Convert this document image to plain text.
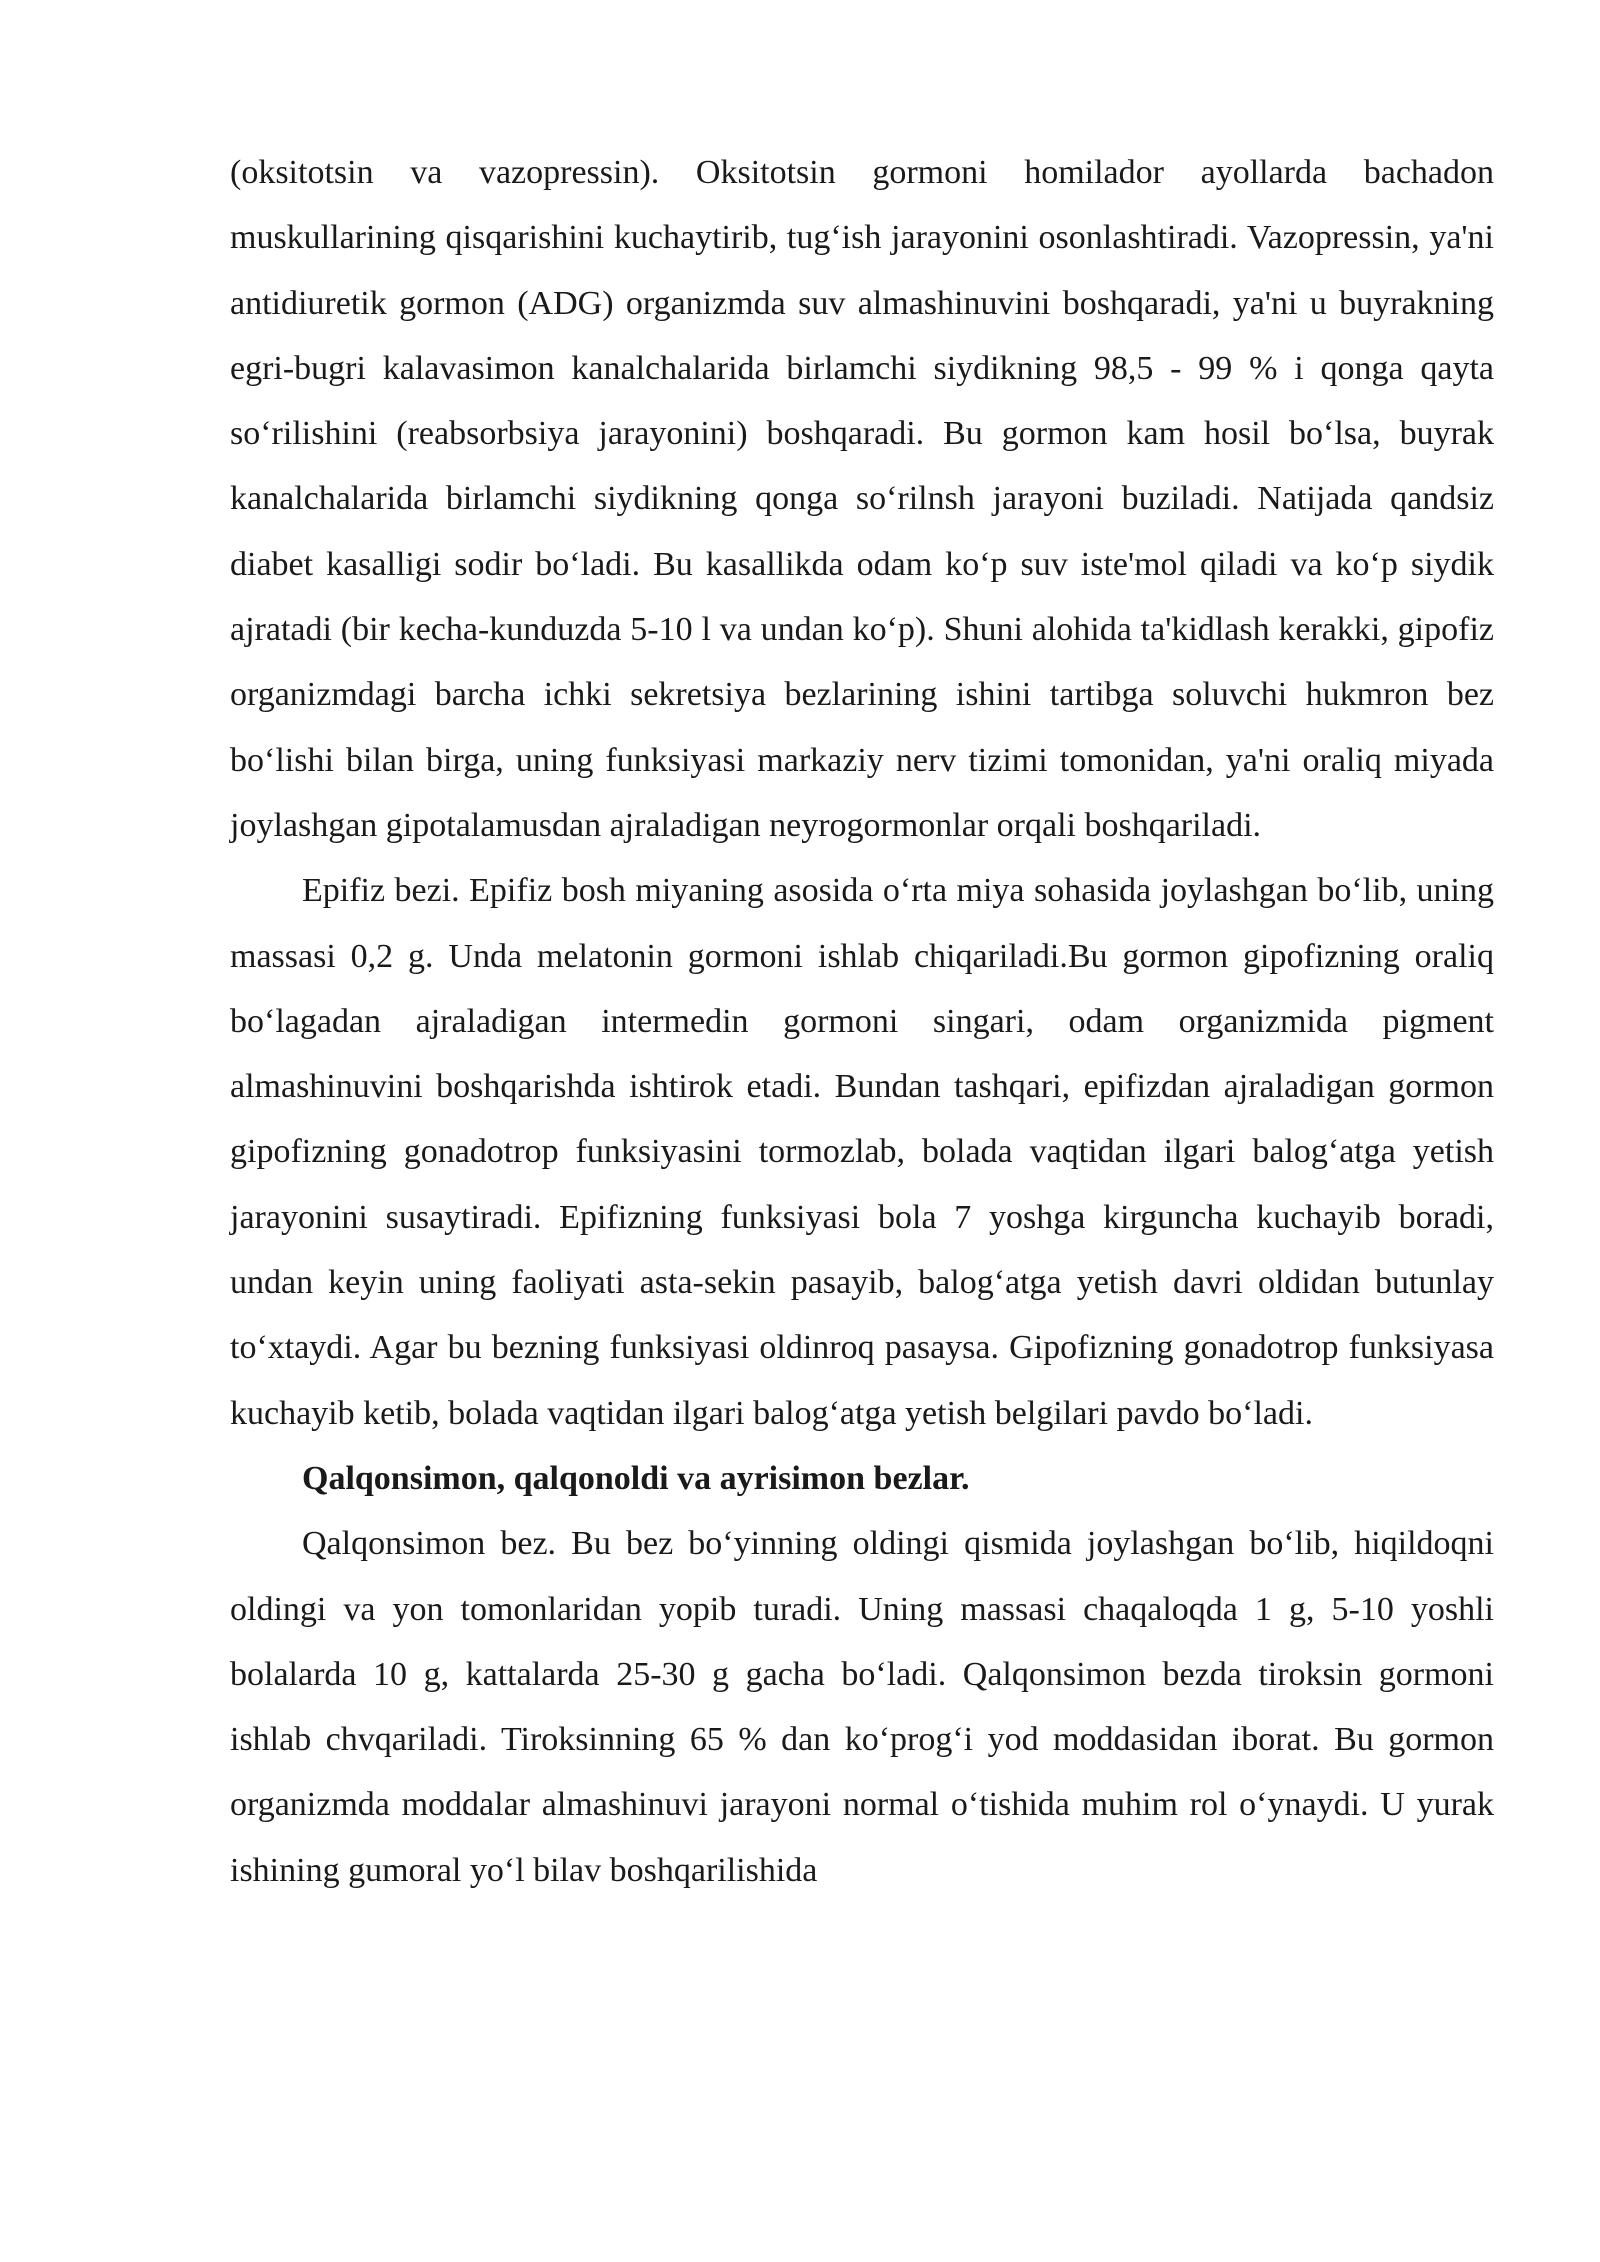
(oksitotsin va vazopressin). Oksitotsin gormoni homilador ayollarda bachadon muskullarining qisqarishini kuchaytirib, tug‘ish jarayonini osonlashtiradi. Vazopressin, ya'ni antidiuretik gormon (ADG) organizmda suv almashinuvini boshqaradi, ya'ni u buyrakning egri-bugri kalavasimon kanalchalarida birlamchi siydikning 98,5 - 99 % i qonga qayta so‘rilishini (reabsorbsiya jarayonini) boshqaradi. Bu gormon kam hosil bo‘lsa, buyrak kanalchalarida birlamchi siydikning qonga so‘rilnsh jarayoni buziladi. Natijada qandsiz diabet kasalligi sodir bo‘ladi. Bu kasallikda odam ko‘p suv iste'mol qiladi va ko‘p siydik ajratadi (bir kecha-kunduzda 5-10 l va undan ko‘p). Shuni alohida ta'kidlash kerakki, gipofiz organizmdagi barcha ichki sekretsiya bezlarining ishini tartibga soluvchi hukmron bez bo‘lishi bilan birga, uning funksiyasi markaziy nerv tizimi tomonidan, ya'ni oraliq miyada joylashgan gipotalamusdan ajraladigan neyrogormonlar orqali boshqariladi.

Epifiz bezi. Epifiz bosh miyaning asosida o‘rta miya sohasida joylashgan bo‘lib, uning massasi 0,2 g. Unda melatonin gormoni ishlab chiqariladi.Bu gormon gipofizning oraliq bo‘lagadan ajraladigan intermedin gormoni singari, odam organizmida pigment almashinuvini boshqarishda ishtirok etadi. Bundan tashqari, epifizdan ajraladigan gormon gipofizning gonadotrop funksiyasini tormozlab, bolada vaqtidan ilgari balog‘atga yetish jarayonini susaytiradi. Epifizning funksiyasi bola 7 yoshga kirguncha kuchayib boradi, undan keyin uning faoliyati asta-sekin pasayib, balog‘atga yetish davri oldidan butunlay to‘xtaydi. Agar bu bezning funksiyasi oldinroq pasaysa. Gipofizning gonadotrop funksiyasa kuchayib ketib, bolada vaqtidan ilgari balog‘atga yetish belgilari pavdo bo‘ladi.

Qalqonsimon, qalqonoldi va ayrisimon bezlar.

Qalqonsimon bez. Bu bez bo‘yinning oldingi qismida joylashgan bo‘lib, hiqildoqni oldingi va yon tomonlaridan yopib turadi. Uning massasi chaqaloqda 1 g, 5-10 yoshli bolalarda 10 g, kattalarda 25-30 g gacha bo‘ladi. Qalqonsimon bezda tiroksin gormoni ishlab chvqariladi. Tiroksinning 65 % dan ko‘prog‘i yod moddasidan iborat. Bu gormon organizmda moddalar almashinuvi jarayoni normal o‘tishida muhim rol o‘ynaydi. U yurak ishining gumoral yo‘l bilav boshqarilishida
